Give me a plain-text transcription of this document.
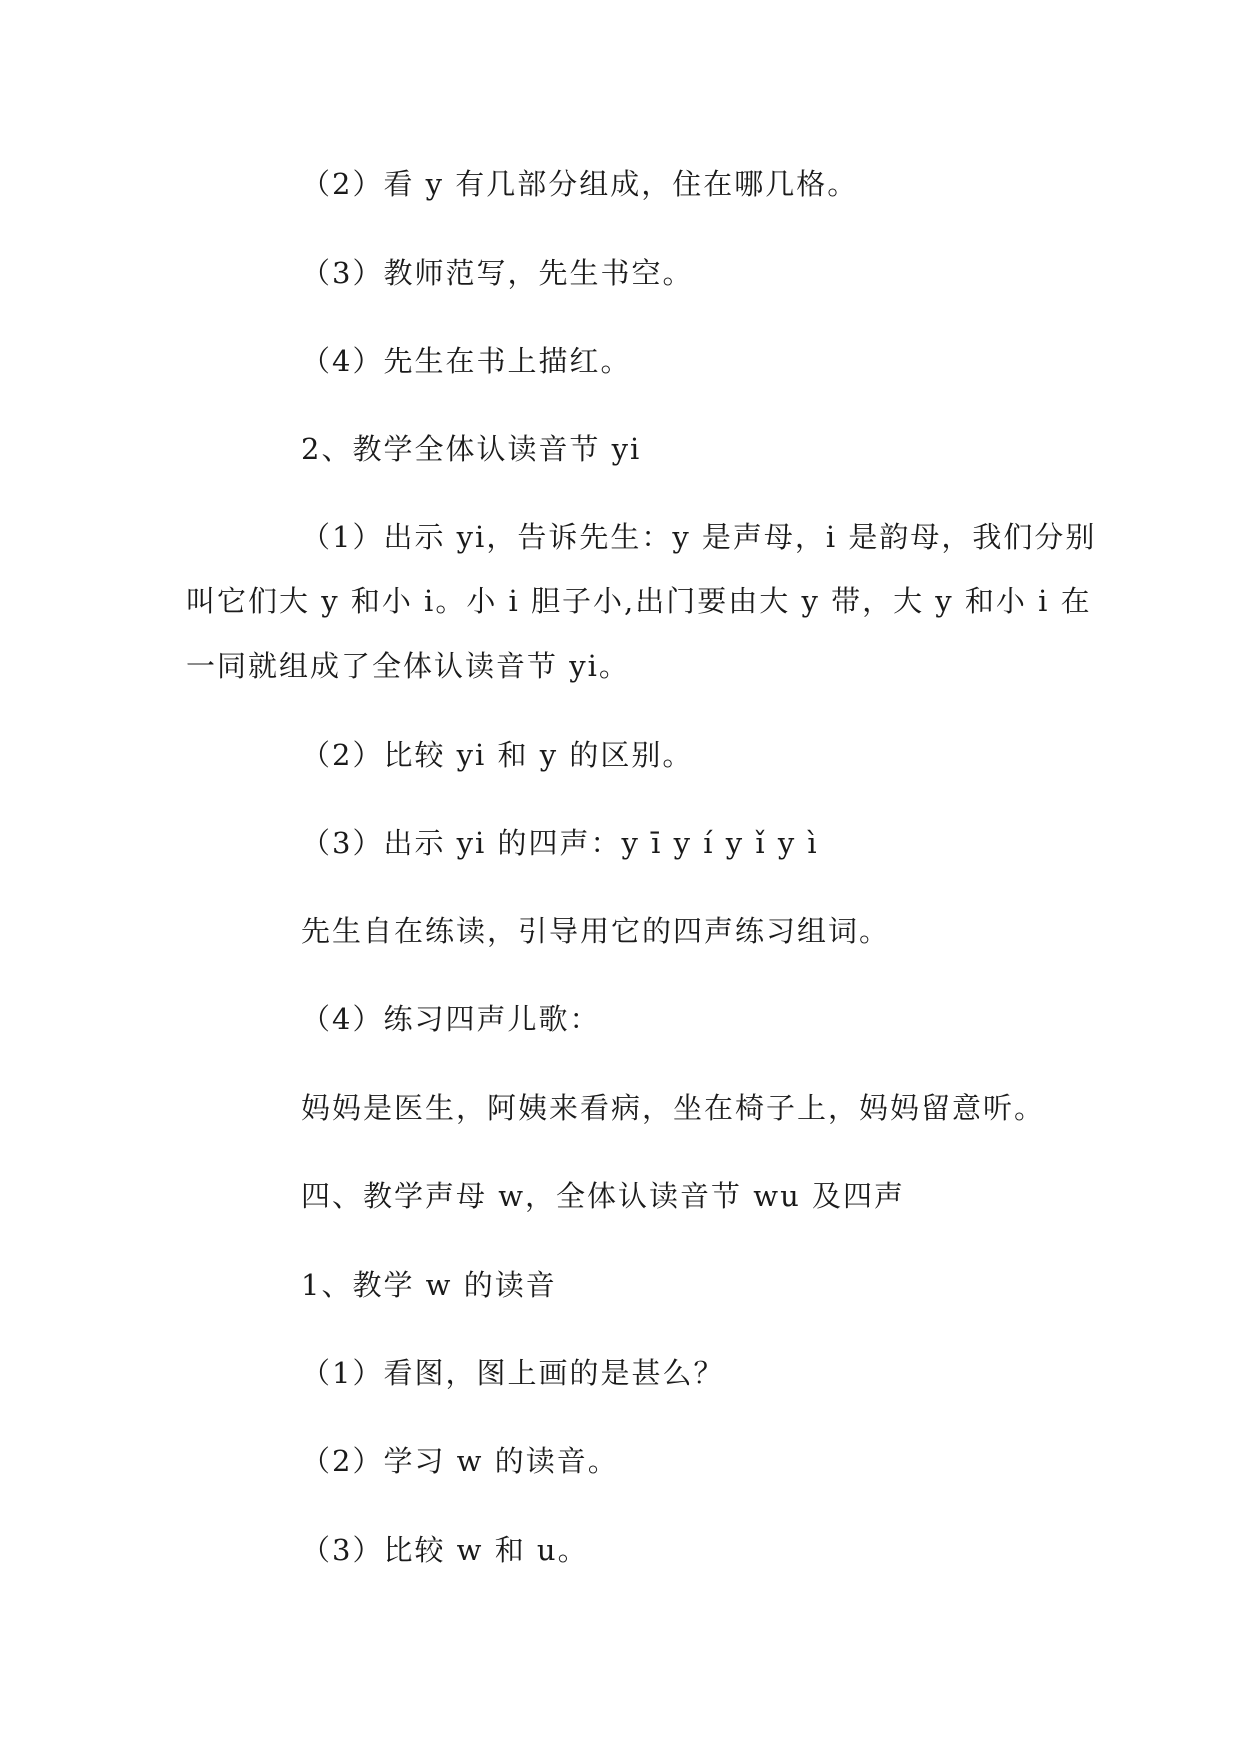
（2）看 y 有几部分组成，住在哪几格。
（3）教师范写，先生书空。
（4）先生在书上描红。
2、教学全体认读音节 yi
（1）出示 yi，告诉先生：y 是声母，i 是韵母，我们分别
叫它们大 y 和小 i。小 i 胆子小,出门要由大 y 带，大 y 和小 i 在
一同就组成了全体认读音节 yi。
（2）比较 yi 和 y 的区别。
（3）出示 yi 的四声：y ī y í y ǐ y ì
先生自在练读，引导用它的四声练习组词。
（4）练习四声儿歌：
妈妈是医生，阿姨来看病，坐在椅子上，妈妈留意听。
四、教学声母 w，全体认读音节 wu 及四声
1、教学 w 的读音
（1）看图，图上画的是甚么？
（2）学习 w 的读音。
（3）比较 w 和 u。
